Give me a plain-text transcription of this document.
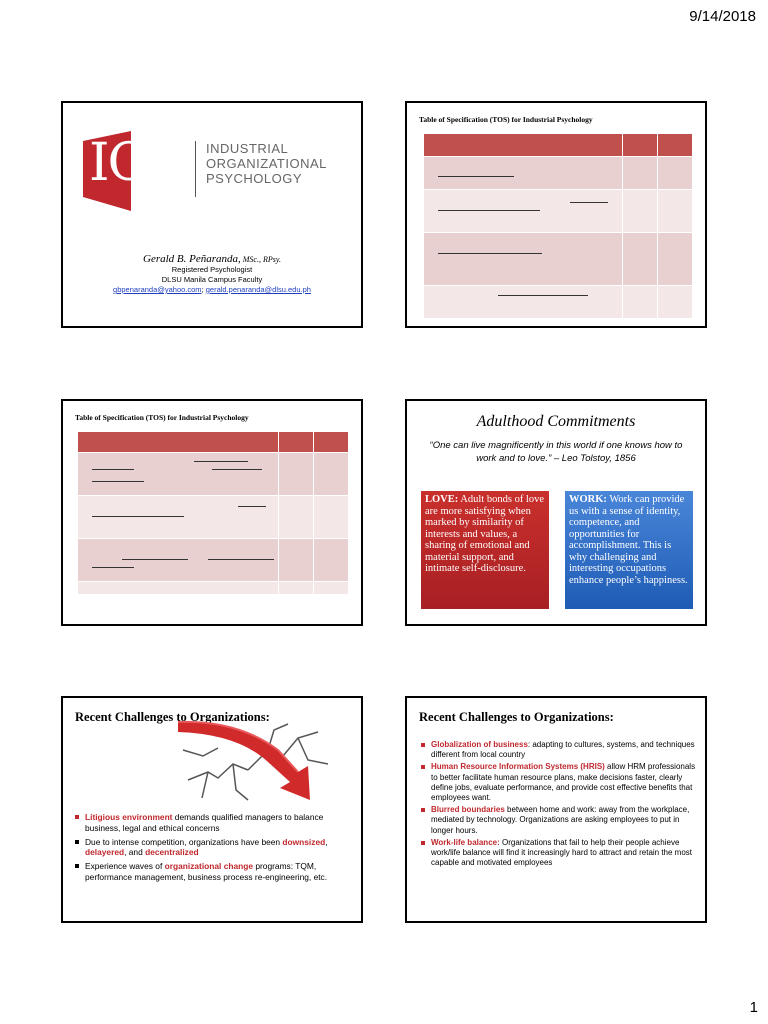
9/14/2018
IO	INDUSTRIAL
ORGANIZATIONAL
PSYCHOLOGY
Gerald B. Peñaranda, MSc., RPsy.
Registered Psychologist
DLSU Manila Campus Faculty
gbpenaranda@yahoo.com; gerald.penaranda@dlsu.edu.ph
Table of Specification (TOS) for Industrial Psychology

Table of Specification (TOS) for Industrial Psychology

			Adulthood Commitments
“One can live magnificently in this world if one knows how to work and to love.” – Leo Tolstoy, 1856
LOVE: Adult bonds of love are more satisfying when marked by similarity of interests and values, a sharing of emotional and material support, and intimate self-disclosure.
WORK: Work can provide us with a sense of identity, competence, and opportunities for accomplishment. This is why challenging and interesting occupations enhance people’s happiness.
Recent Challenges to Organizations:
Litigious environment demands qualified managers to balance business, legal and ethical concerns
Due to intense competition, organizations have been downsized, delayered, and decentralized
Experience waves of organizational change programs: TQM, performance management, business process re-engineering, etc.
Recent Challenges to Organizations:
Globalization of business: adapting to cultures, systems, and techniques different from local country
Human Resource Information Systems (HRIS) allow HRM professionals to better facilitate human resource plans, make decisions faster, clearly define jobs, evaluate performance, and provide cost effective benefits that employees want.
Blurred boundaries between home and work: away from the workplace, mediated by technology. Organizations are asking employees to put in longer hours.
Work-life balance: Organizations that fail to help their people achieve work/life balance will find it increasingly hard to attract and retain the most capable and motivated employees
1
